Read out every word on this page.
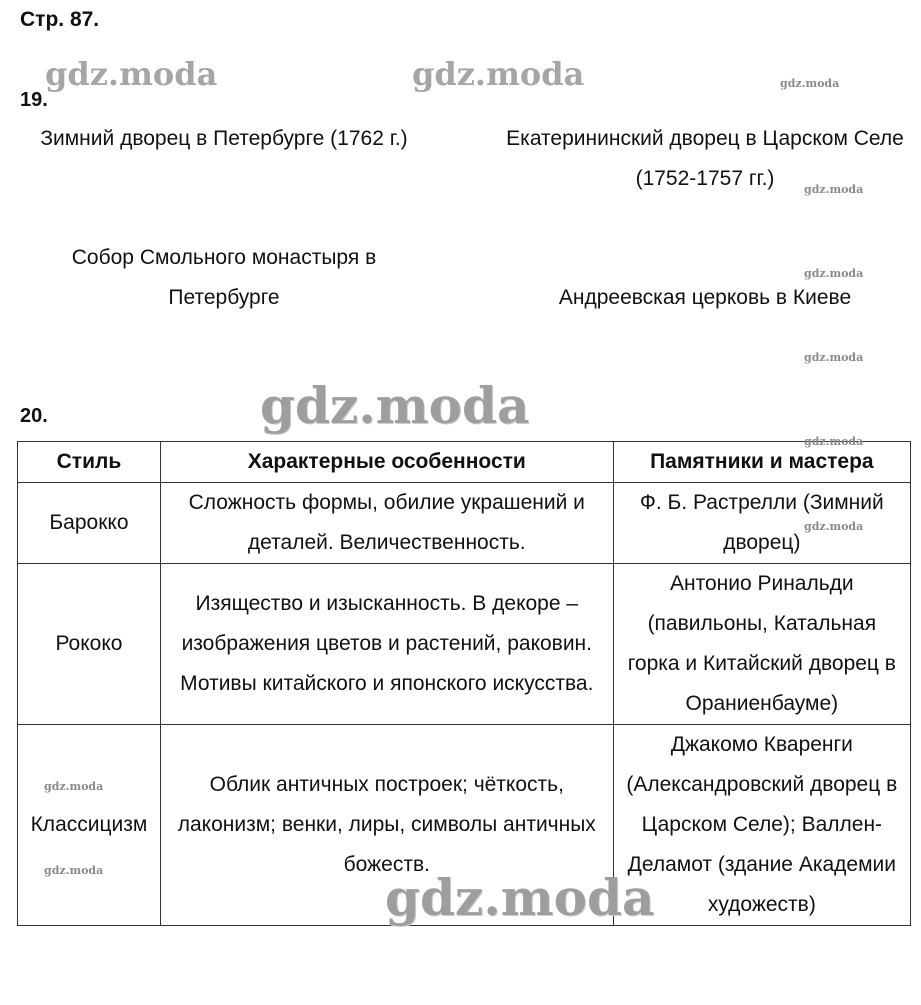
Стр. 87.
19.
Зимний дворец в Петербурге (1762 г.)	Екатерининский дворец в Царском Селе (1752-1757 гг.)
Собор Смольного монастыря в Петербурге	Андреевская церковь в Киеве
20.
Стиль	Характерные особенности	Памятники и мастера
Барокко	Сложность формы, обилие украшений и деталей. Величественность.	Ф. Б. Растрелли (Зимний дворец)
Рококо	Изящество и изысканность. В декоре – изображения цветов и растений, раковин. Мотивы китайского и японского искусства.	Антонио Ринальди (павильоны, Катальная горка и Китайский дворец в Ораниенбауме)
Классицизм	Облик античных построек; чёткость, лаконизм; венки, лиры, символы античных божеств.	Джакомо Кваренги (Александровский дворец в Царском Селе); Валлен-Деламот (здание Академии художеств)
gdz.moda	gdz.moda	gdz.moda
gdz.moda
gdz.moda
gdz.moda
gdz.moda
gdz.moda
gdz.moda
gdz.moda
gdz.moda	gdz.moda
